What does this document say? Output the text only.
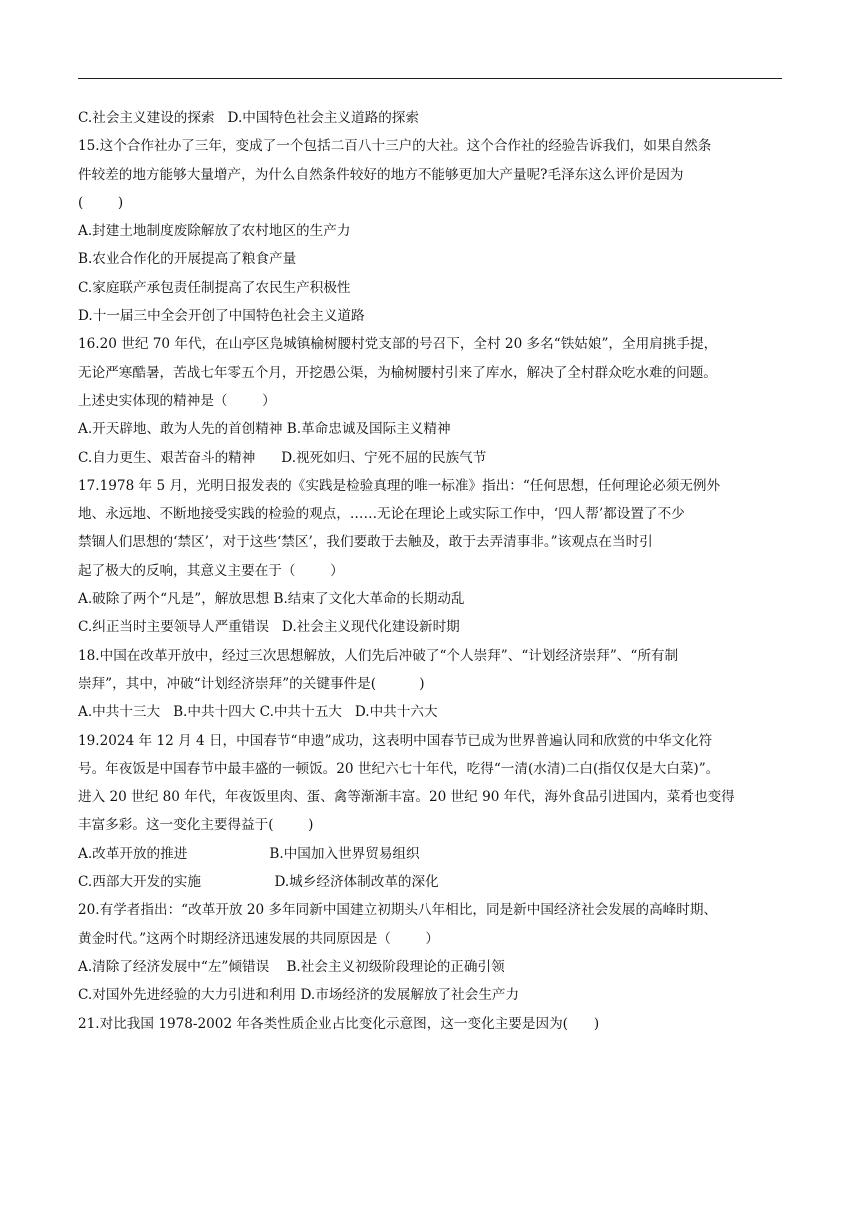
C.社会主义建设的探索   D.中国特色社会主义道路的探索
15.这个合作社办了三年，变成了一个包括二百八十三户的大社。这个合作社的经验告诉我们，如果自然条
件较差的地方能够大量增产，为什么自然条件较好的地方不能够更加大产量呢?毛泽东这么评价是因为
(        )
A.封建土地制度废除解放了农村地区的生产力
B.农业合作化的开展提高了粮食产量
C.家庭联产承包责任制提高了农民生产积极性
D.十一届三中全会开创了中国特色社会主义道路
16.20 世纪 70 年代，在山亭区凫城镇榆树腰村党支部的号召下，全村 20 多名“铁姑娘”，全用肩挑手提，
无论严寒酷暑，苦战七年零五个月，开挖愚公渠，为榆树腰村引来了库水，解决了全村群众吃水难的问题。
上述史实体现的精神是（        ）
A.开天辟地、敢为人先的首创精神 B.革命忠诚及国际主义精神
C.自力更生、艰苦奋斗的精神      D.视死如归、宁死不屈的民族气节
17.1978 年 5 月，光明日报发表的《实践是检验真理的唯一标准》指出：“任何思想，任何理论必须无例外
地、永远地、不断地接受实践的检验的观点，……无论在理论上或实际工作中，‘四人帮’都设置了不少
禁锢人们思想的‘禁区’，对于这些‘禁区’，我们要敢于去触及，敢于去弄清事非。”该观点在当时引
起了极大的反响，其意义主要在于（        ）
A.破除了两个“凡是”，解放思想 B.结束了文化大革命的长期动乱
C.纠正当时主要领导人严重错误   D.社会主义现代化建设新时期
18.中国在改革开放中，经过三次思想解放，人们先后冲破了“个人崇拜”、“计划经济崇拜”、“所有制
崇拜”，其中，冲破“计划经济崇拜”的关键事件是(          )
A.中共十三大   B.中共十四大 C.中共十五大   D.中共十六大
19.2024 年 12 月 4 日，中国春节“申遗”成功，这表明中国春节已成为世界普遍认同和欣赏的中华文化符
号。年夜饭是中国春节中最丰盛的一顿饭。20 世纪六七十年代，吃得“一清(水清)二白(指仅仅是大白菜)”。
进入 20 世纪 80 年代，年夜饭里肉、蛋、禽等渐渐丰富。20 世纪 90 年代，海外食品引进国内，菜肴也变得
丰富多彩。这一变化主要得益于(        )
A.改革开放的推进                   B.中国加入世界贸易组织
C.西部大开发的实施                 D.城乡经济体制改革的深化
20.有学者指出：“改革开放 20 多年同新中国建立初期头八年相比，同是新中国经济社会发展的高峰时期、
黄金时代。”这两个时期经济迅速发展的共同原因是（        ）
A.清除了经济发展中“左”倾错误    B.社会主义初级阶段理论的正确引领
C.对国外先进经验的大力引进和利用 D.市场经济的发展解放了社会生产力
21.对比我国 1978-2002 年各类性质企业占比变化示意图，这一变化主要是因为(      )
